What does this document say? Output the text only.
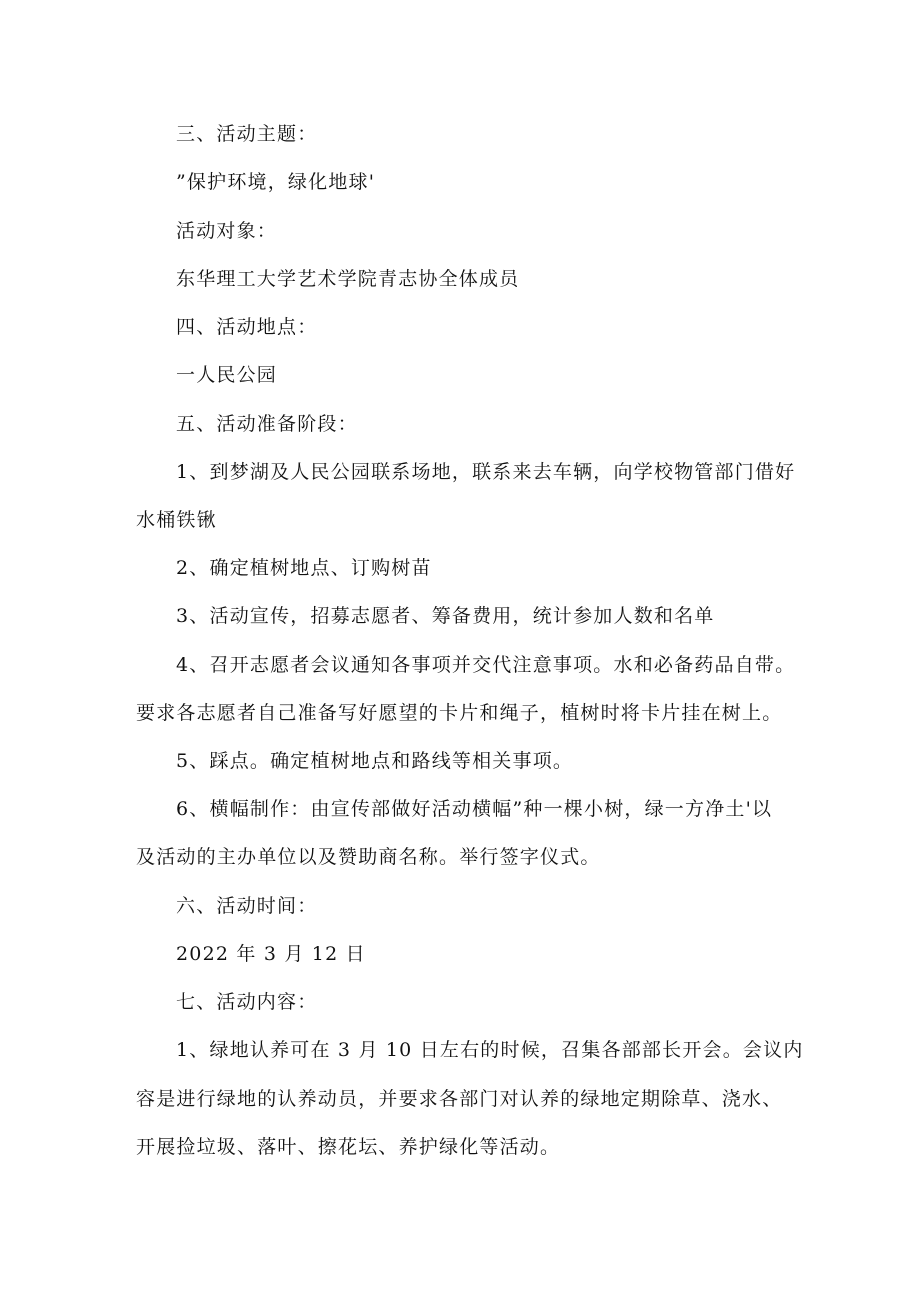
三、活动主题：
”保护环境，绿化地球'
活动对象：
东华理工大学艺术学院青志协全体成员
四、活动地点：
一人民公园
五、活动准备阶段：
1、到梦湖及人民公园联系场地，联系来去车辆，向学校物管部门借好
水桶铁锹
2、确定植树地点、订购树苗
3、活动宣传，招募志愿者、筹备费用，统计参加人数和名单
4、召开志愿者会议通知各事项并交代注意事项。水和必备药品自带。
要求各志愿者自己准备写好愿望的卡片和绳子，植树时将卡片挂在树上。
5、踩点。确定植树地点和路线等相关事项。
6、横幅制作：由宣传部做好活动横幅”种一棵小树，绿一方净土'以
及活动的主办单位以及赞助商名称。举行签字仪式。
六、活动时间：
2022 年 3 月 12 日
七、活动内容：
1、绿地认养可在 3 月 10 日左右的时候，召集各部部长开会。会议内
容是进行绿地的认养动员，并要求各部门对认养的绿地定期除草、浇水、
开展捡垃圾、落叶、擦花坛、养护绿化等活动。
